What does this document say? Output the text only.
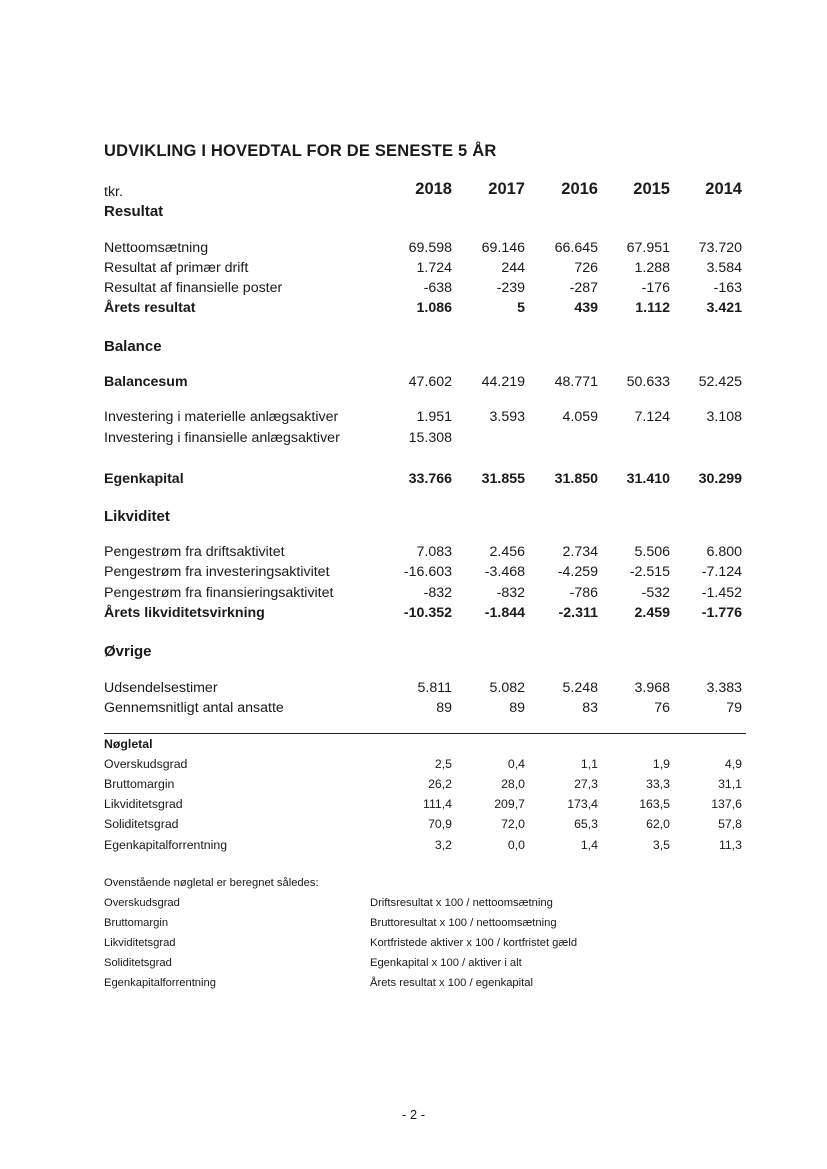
UDVIKLING I HOVEDTAL FOR DE SENESTE 5 ÅR
tkr.	2018	2017	2016	2015	2014
Resultat
Nettoomsætning	69.598	69.146	66.645	67.951	73.720
Resultat af primær drift	1.724	244	726	1.288	3.584
Resultat af finansielle poster	-638	-239	-287	-176	-163
Årets resultat	1.086	5	439	1.112	3.421
Balance
Balancesum	47.602	44.219	48.771	50.633	52.425
Investering i materielle anlægsaktiver	1.951	3.593	4.059	7.124	3.108
Investering i finansielle anlægsaktiver	15.308
Egenkapital	33.766	31.855	31.850	31.410	30.299
Likviditet
Pengestrøm fra driftsaktivitet	7.083	2.456	2.734	5.506	6.800
Pengestrøm fra investeringsaktivitet	-16.603	-3.468	-4.259	-2.515	-7.124
Pengestrøm fra finansieringsaktivitet	-832	-832	-786	-532	-1.452
Årets likviditetsvirkning	-10.352	-1.844	-2.311	2.459	-1.776
Øvrige
Udsendelsestimer	5.811	5.082	5.248	3.968	3.383
Gennemsnitligt antal ansatte	89	89	83	76	79
Nøgletal
Overskudsgrad	2,5	0,4	1,1	1,9	4,9
Bruttomargin	26,2	28,0	27,3	33,3	31,1
Likviditetsgrad	111,4	209,7	173,4	163,5	137,6
Soliditetsgrad	70,9	72,0	65,3	62,0	57,8
Egenkapitalforrentning	3,2	0,0	1,4	3,5	11,3
Ovenstående nøgletal er beregnet således:
Overskudsgrad	Driftsresultat x 100 / nettoomsætning
Bruttomargin	Bruttoresultat x 100 / nettoomsætning
Likviditetsgrad	Kortfristede aktiver x 100 / kortfristet gæld
Soliditetsgrad	Egenkapital x 100 / aktiver i alt
Egenkapitalforrentning	Årets resultat x 100 / egenkapital
- 2 -
